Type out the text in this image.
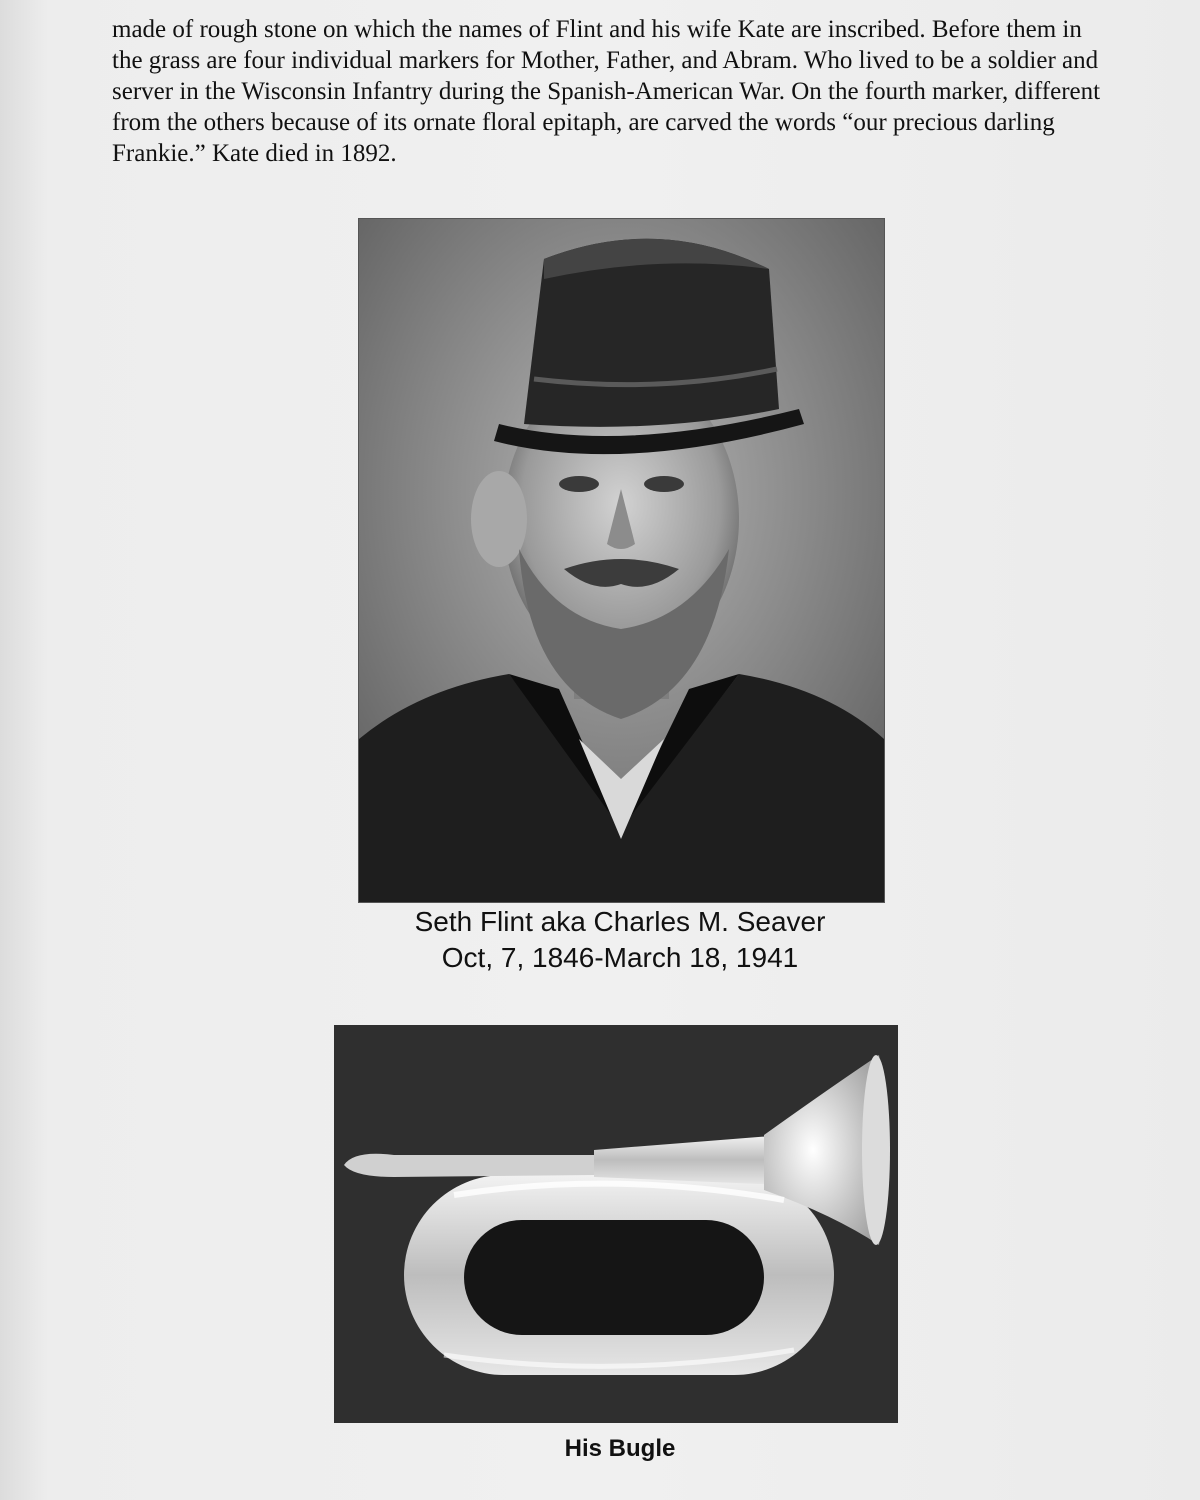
made of rough stone on which the names of Flint and his wife Kate are inscribed. Before them in the grass are four individual markers for Mother, Father, and Abram. Who lived to be a soldier and server in the Wisconsin Infantry during the Spanish-American War. On the fourth marker, different from the others because of its ornate floral epitaph, are carved the words “our precious darling Frankie.” Kate died in 1892.

Seth Flint aka Charles M. Seaver
Oct, 7, 1846-March 18, 1941
His Bugle
